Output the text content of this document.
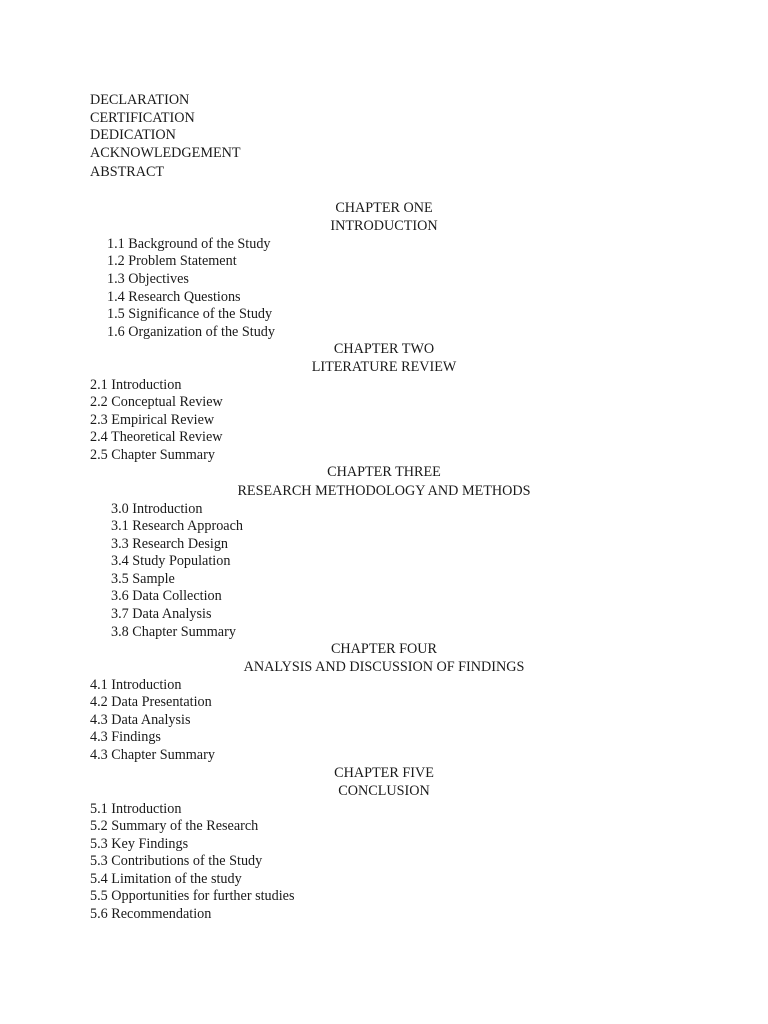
DECLARATION
CERTIFICATION
DEDICATION
ACKNOWLEDGEMENT
ABSTRACT
CHAPTER ONE
INTRODUCTION
1.1 Background of the Study
1.2 Problem Statement
1.3 Objectives
1.4 Research Questions
1.5 Significance of the Study
1.6 Organization of the Study
CHAPTER TWO
LITERATURE REVIEW
2.1 Introduction
2.2 Conceptual Review
2.3 Empirical Review
2.4 Theoretical Review
2.5 Chapter Summary
CHAPTER THREE
RESEARCH METHODOLOGY AND METHODS
3.0 Introduction
3.1 Research Approach
3.3 Research Design
3.4 Study Population
3.5 Sample
3.6 Data Collection
3.7 Data Analysis
3.8 Chapter Summary
CHAPTER FOUR
ANALYSIS AND DISCUSSION OF FINDINGS
4.1 Introduction
4.2 Data Presentation
4.3 Data Analysis
4.3 Findings
4.3 Chapter Summary
CHAPTER FIVE
CONCLUSION
5.1 Introduction
5.2 Summary of the Research
5.3 Key Findings
5.3 Contributions of the Study
5.4 Limitation of the study
5.5 Opportunities for further studies
5.6 Recommendation
